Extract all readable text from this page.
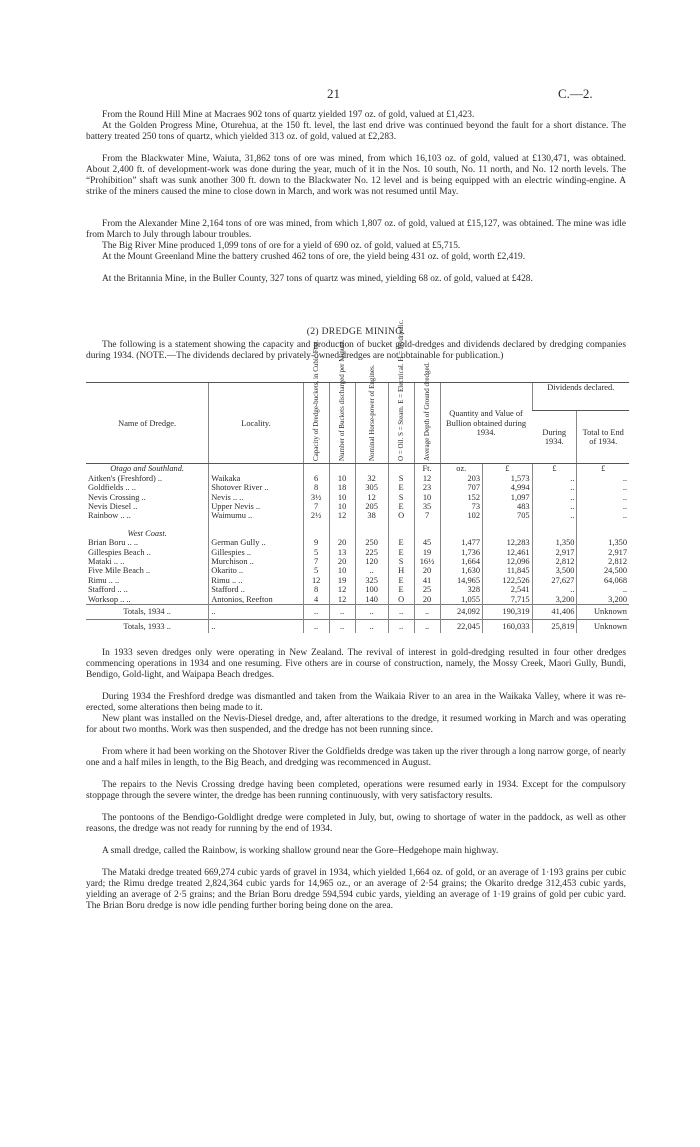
21	C.—2.

From the Round Hill Mine at Macraes 902 tons of quartz yielded 197 oz. of gold, valued at £1,423.

At the Golden Progress Mine, Oturehua, at the 150 ft. level, the last end drive was continued beyond the fault for a short distance. The battery treated 250 tons of quartz, which yielded 313 oz. of gold, valued at £2,283.

From the Blackwater Mine, Waiuta, 31,862 tons of ore was mined, from which 16,103 oz. of gold, valued at £130,471, was obtained. About 2,400 ft. of development-work was done during the year, much of it in the Nos. 10 south, No. 11 north, and No. 12 north levels. The “Prohibition” shaft was sunk another 300 ft. down to the Blackwater No. 12 level and is being equipped with an electric winding-engine. A strike of the miners caused the mine to close down in March, and work was not resumed until May.

From the Alexander Mine 2,164 tons of ore was mined, from which 1,807 oz. of gold, valued at £15,127, was obtained. The mine was idle from March to July through labour troubles.

The Big River Mine produced 1,099 tons of ore for a yield of 690 oz. of gold, valued at £5,715.

At the Mount Greenland Mine the battery crushed 462 tons of ore, the yield being 431 oz. of gold, worth £2,419.

At the Britannia Mine, in the Buller County, 327 tons of quartz was mined, yielding 68 oz. of gold, valued at £428.

(2) DREDGE MINING.

The following is a statement showing the capacity and production of bucket gold-dredges and dividends declared by dredging companies during 1934. (NOTE.—The dividends declared by privately-owned dredges are not obtainable for publication.)

Name of Dredge.	Locality.	Capacity of Dredge-buckets, in Cubic Feet.	Number of Buckets discharged per Minute.	Nominal Horse-power of Engines.	O = Oil. S = Steam. E = Electrical. H = Hydraulic.	Average Depth of Ground dredged.	Quantity and Value of Bullion obtained during 1934.		Dividends declared.	
									During 1934.	Total to End of 1934.
Otago and Southland.						Ft.	oz.	£	£	£
Aitken's (Freshford) ..	Waikaka	6	10	32	S	12	203	1,573	..	..
Goldfields .. ..	Shotover River ..	8	18	305	E	23	707	4,994	..	..
Nevis Crossing ..	Nevis .. ..	3½	10	12	S	10	152	1,097	..	..
Nevis Diesel ..	Upper Nevis ..	7	10	205	E	35	73	483	..	..
Rainbow .. ..	Waimumu ..	2½	12	38	O	7	102	705	..	..
West Coast.										
Brian Boru .. ..	German Gully ..	9	20	250	E	45	1,477	12,283	1,350	1,350
Gillespies Beach ..	Gillespies ..	5	13	225	E	19	1,736	12,461	2,917	2,917
Mataki .. ..	Murchison ..	7	20	120	S	16½	1,664	12,096	2,812	2,812
Five Mile Beach ..	Okarito ..	5	10	..	H	20	1,630	11,845	3,500	24,500
Rimu .. ..	Rimu .. ..	12	19	325	E	41	14,965	122,526	27,627	64,068
Stafford .. ..	Stafford ..	8	12	100	E	25	328	2,541	..	..
Worksop .. ..	Antonios, Reefton	4	12	140	O	20	1,055	7,715	3,200	3,200
Totals, 1934 ..	..	..	..	..	..	..	24,092	190,319	41,406	Unknown
Totals, 1933 ..	..	..	..	..	..	..	22,045	160,033	25,819	Unknown

In 1933 seven dredges only were operating in New Zealand. The revival of interest in gold-dredging resulted in four other dredges commencing operations in 1934 and one resuming. Five others are in course of construction, namely, the Mossy Creek, Maori Gully, Bundi, Bendigo, Gold-light, and Waipapa Beach dredges.

During 1934 the Freshford dredge was dismantled and taken from the Waikaia River to an area in the Waikaka Valley, where it was re-erected, some alterations then being made to it.

New plant was installed on the Nevis-Diesel dredge, and, after alterations to the dredge, it resumed working in March and was operating for about two months. Work was then suspended, and the dredge has not been running since.

From where it had been working on the Shotover River the Goldfields dredge was taken up the river through a long narrow gorge, of nearly one and a half miles in length, to the Big Beach, and dredging was recommenced in August.

The repairs to the Nevis Crossing dredge having been completed, operations were resumed early in 1934. Except for the compulsory stoppage through the severe winter, the dredge has been running continuously, with very satisfactory results.

The pontoons of the Bendigo-Goldlight dredge were completed in July, but, owing to shortage of water in the paddock, as well as other reasons, the dredge was not ready for running by the end of 1934.

A small dredge, called the Rainbow, is working shallow ground near the Gore–Hedgehope main highway.

The Mataki dredge treated 669,274 cubic yards of gravel in 1934, which yielded 1,664 oz. of gold, or an average of 1·193 grains per cubic yard; the Rimu dredge treated 2,824,364 cubic yards for 14,965 oz., or an average of 2·54 grains; the Okarito dredge 312,453 cubic yards, yielding an average of 2·5 grains; and the Brian Boru dredge 594,594 cubic yards, yielding an average of 1·19 grains of gold per cubic yard. The Brian Boru dredge is now idle pending further boring being done on the area.
